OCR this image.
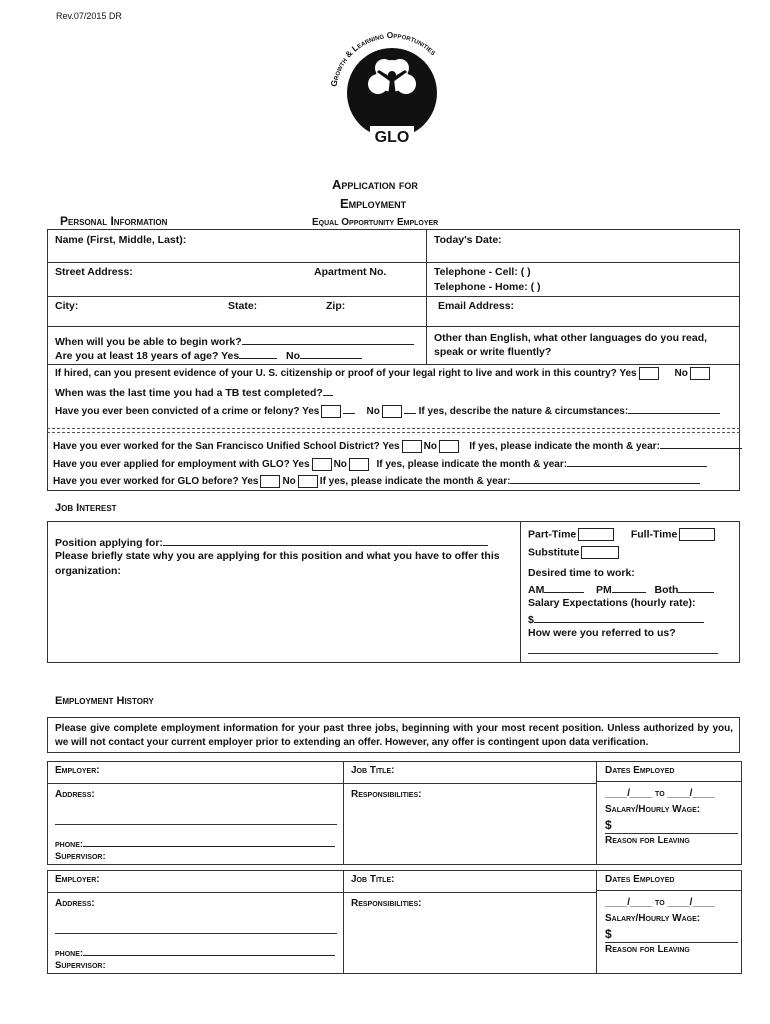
Rev.07/2015 DR
Growth & Learning Opportunities
GLO
Application for
Employment
Personal Information	Equal Opportunity Employer
Name (First, Middle, Last):	Today's Date:
Street Address:	Apartment No.	Telephone - Cell: ( )
Telephone - Home: ( )
City:	State:	Zip:	Email Address:
When will you be able to begin work?
Are you at least 18 years of age? Yes	No
Other than English, what other languages do you read, speak or write fluently?
If hired, can you present evidence of your U. S. citizenship or proof of your legal right to live and work in this country? Yes	No
When was the last time you had a TB test completed?
Have you ever been convicted of a crime or felony? Yes	No	If yes, describe the nature & circumstances:
Have you ever worked for the San Francisco Unified School District? Yes No	If yes, please indicate the month & year:
Have you ever applied for employment with GLO? Yes No	If yes, please indicate the month & year:
Have you ever worked for GLO before? Yes No If yes, please indicate the month & year:
Job Interest
Position applying for:
Please briefly state why you are applying for this position and what you have to offer this organization:
Part-Time	Full-Time
Substitute
Desired time to work:
AM	PM	Both
Salary Expectations (hourly rate):
$
How were you referred to us?
Employment History
Please give complete employment information for your past three jobs, beginning with your most recent position. Unless authorized by you, we will not contact your current employer prior to extending an offer. However, any offer is contingent upon data verification.
Employer:	Job Title:	Dates Employed
Address:	Responsibilities:	____/____ to ____/____
Salary/Hourly Wage:
$
Reason for Leaving
phone:
Supervisor:
Employer:	Job Title:	Dates Employed
Address:	Responsibilities:	____/____ to ____/____
Salary/Hourly Wage:
$
Reason for Leaving
phone:
Supervisor:
